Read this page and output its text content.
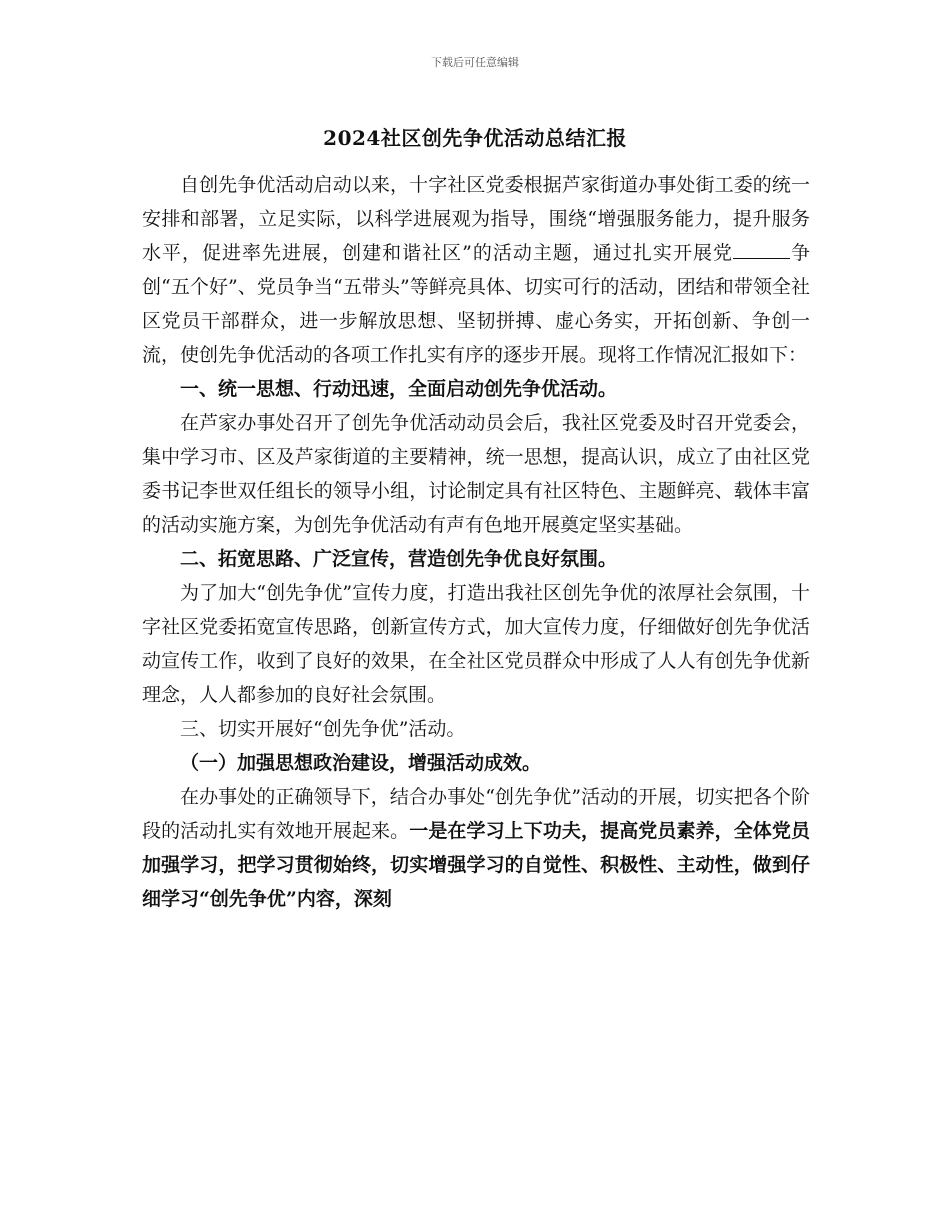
下载后可任意编辑
2024社区创先争优活动总结汇报

自创先争优活动启动以来，十字社区党委根据芦家街道办事处街工委的统一安排和部署，立足实际，以科学进展观为指导，围绕“增强服务能力，提升服务水平，促进率先进展，创建和谐社区”的活动主题，通过扎实开展党	争创“五个好”、党员争当“五带头”等鲜亮具体、切实可行的活动，团结和带领全社区党员干部群众，进一步解放思想、坚韧拼搏、虚心务实，开拓创新、争创一流，使创先争优活动的各项工作扎实有序的逐步开展。现将工作情况汇报如下：

一、统一思想、行动迅速，全面启动创先争优活动。

在芦家办事处召开了创先争优活动动员会后，我社区党委及时召开党委会，集中学习市、区及芦家街道的主要精神，统一思想，提高认识，成立了由社区党委书记李世双任组长的领导小组，讨论制定具有社区特色、主题鲜亮、载体丰富的活动实施方案，为创先争优活动有声有色地开展奠定坚实基础。

二、拓宽思路、广泛宣传，营造创先争优良好氛围。

为了加大“创先争优”宣传力度，打造出我社区创先争优的浓厚社会氛围，十字社区党委拓宽宣传思路，创新宣传方式，加大宣传力度，仔细做好创先争优活动宣传工作，收到了良好的效果，在全社区党员群众中形成了人人有创先争优新理念，人人都参加的良好社会氛围。

三、切实开展好“创先争优”活动。

（一）加强思想政治建设，增强活动成效。

在办事处的正确领导下，结合办事处“创先争优”活动的开展，切实把各个阶段的活动扎实有效地开展起来。一是在学习上下功夫，提高党员素养，全体党员加强学习，把学习贯彻始终，切实增强学习的自觉性、积极性、主动性，做到仔细学习“创先争优”内容，深刻
